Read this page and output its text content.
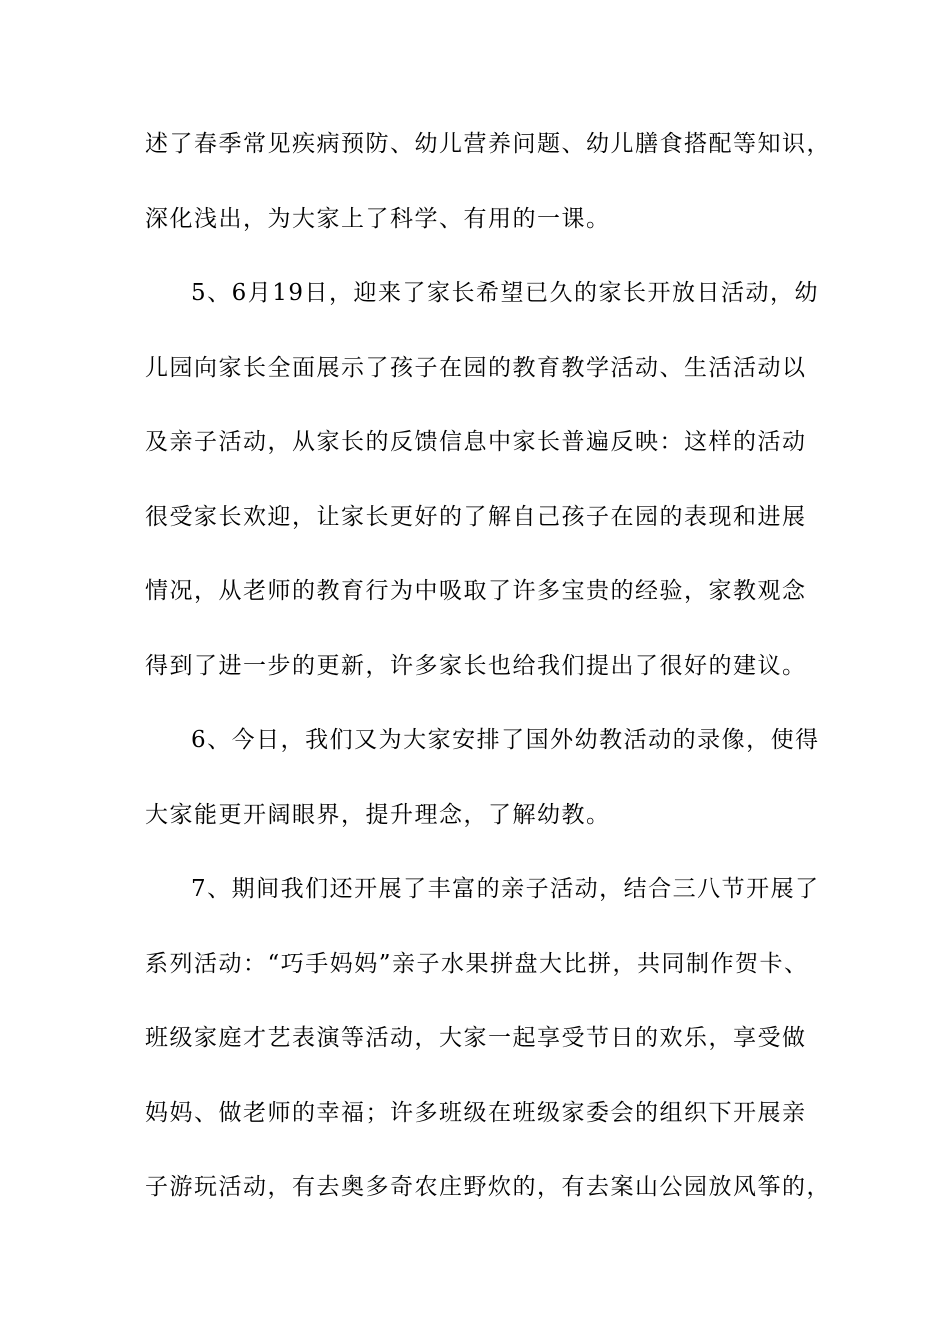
述了春季常见疾病预防、幼儿营养问题、幼儿膳食搭配等知识，
深化浅出，为大家上了科学、有用的一课。
5、6月19日，迎来了家长希望已久的家长开放日活动，幼
儿园向家长全面展示了孩子在园的教育教学活动、生活活动以
及亲子活动，从家长的反馈信息中家长普遍反映：这样的活动
很受家长欢迎，让家长更好的了解自己孩子在园的表现和进展
情况，从老师的教育行为中吸取了许多宝贵的经验，家教观念
得到了进一步的更新，许多家长也给我们提出了很好的建议。
6、今日，我们又为大家安排了国外幼教活动的录像，使得
大家能更开阔眼界，提升理念，了解幼教。
7、期间我们还开展了丰富的亲子活动，结合三八节开展了
系列活动：“巧手妈妈”亲子水果拼盘大比拼，共同制作贺卡、
班级家庭才艺表演等活动，大家一起享受节日的欢乐，享受做
妈妈、做老师的幸福；许多班级在班级家委会的组织下开展亲
子游玩活动，有去奥多奇农庄野炊的，有去案山公园放风筝的，
